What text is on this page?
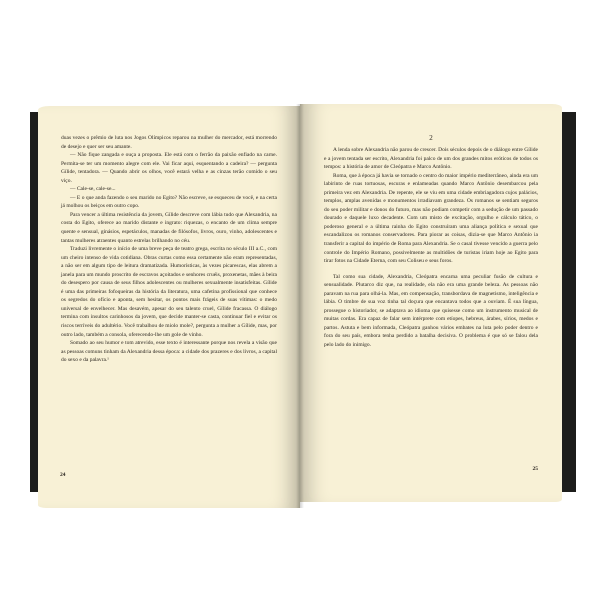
duas vezes o prêmio de luta nos Jogos Olímpicos reparou na mulher do mercador, está morrendo de desejo e quer ser seu amante.

— Não fique zangada e ouça a proposta. Ele está com o ferrão da paixão enfiado na carne. Permita-se ter um momento alegre com ele. Vai ficar aqui, esquentando a cadeira? — pergunta Gílide, tentadora. — Quando abrir os olhos, você estará velha e as cinzas terão comido o seu viço.

— Cale-se, cale-se...

— E o que anda fazendo o seu marido no Egito? Não escreve, se esqueceu de você, e na certa já molhou os beiços em outro copo.

Para vencer a última resistência da jovem, Gílide descreve com lábia tudo que Alexandria, na costa do Egito, oferece ao marido distante e ingrato: riquezas, o encanto de um clima sempre quente e sensual, ginásios, espetáculos, manadas de filósofos, livros, ouro, vinho, adolescentes e tantas mulheres atraentes quanto estrelas brilhando no céu.

Traduzi livremente o início de uma breve peça de teatro grega, escrita no século III a.C., com um cheiro intenso de vida cotidiana. Obras curtas como essa certamente não eram representadas, a não ser em algum tipo de leitura dramatizada. Humorísticas, às vezes picarescas, elas abrem a janela para um mundo proscrito de escravos açoitados e senhores cruéis, proxenetas, mães à beira do desespero por causa de seus filhos adolescentes ou mulheres sexualmente insatisfeitas. Gílide é uma das primeiras fofoqueiras da história da literatura, uma cafetina profissional que conhece os segredos do ofício e aponta, sem hesitar, os pontos mais frágeis de suas vítimas: o medo universal de envelhecer. Mas desavém, apesar do seu talento cruel, Gílide fracassa. O diálogo termina com insultos carinhosos da jovem, que decide manter-se casta, continuar fiel e evitar os riscos terríveis do adultério. Você trabalhou de miolo mole?, pergunta a mulher a Gílide, mas, por outro lado, também a consola, oferecendo-lhe um gole de vinho.

Somado ao seu humor e tom atrevido, esse texto é interessante porque nos revela a visão que as pessoas comuns tinham da Alexandria dessa época: a cidade dos prazeres e dos livros, a capital do sexo e da palavra.¹

24
2

A lenda sobre Alexandria não parou de crescer. Dois séculos depois de o diálogo entre Gílide e a jovem tentada ser escrito, Alexandria foi palco de um dos grandes mitos eróticos de todos os tempos: a história de amor de Cleópatra e Marco Antônio.

Roma, que à época já havia se tornado o centro do maior império mediterrâneo, ainda era um labirinto de ruas tortuosas, escuras e enlameadas quando Marco Antônio desembarcou pela primeira vez em Alexandria. De repente, ele se viu em uma cidade embriagadora cujos palácios, templos, amplas avenidas e monumentos irradiavam grandeza. Os romanos se sentiam seguros do seu poder militar e donos do futuro, mas não podiam competir com a sedução de um passado dourado e daquele luxo decadente. Com um misto de excitação, orgulho e cálculo tático, o poderoso general e a última rainha do Egito construíram uma aliança política e sexual que escandalizou os romanos conservadores. Para piorar as coisas, dizia-se que Marco Antônio ia transferir a capital do império de Roma para Alexandria. Se o casal tivesse vencido a guerra pelo controle do Império Romano, possivelmente as multidões de turistas iriam hoje ao Egito para tirar fotos na Cidade Eterna, com seu Coliseu e seus foros.

Tal como sua cidade, Alexandria, Cleópatra encarna uma peculiar fusão de cultura e sensualidade. Plutarco diz que, na realidade, ela não era uma grande beleza. As pessoas não paravam na rua para olhá-la. Mas, em compensação, transbordava de magnetismo, inteligência e lábia. O timbre de sua voz tinha tal doçura que encantava todos que a ouviam. É sua língua, prossegue o historiador, se adaptava ao idioma que quisesse como um instrumento musical de muitas cordas. Era capaz de falar sem intérprete com etíopes, hebreus, árabes, sírios, medos e partos. Astuta e bem informada, Cleópatra ganhou vários embates na luta pelo poder dentro e fora do seu país, embora tenha perdido a batalha decisiva. O problema é que só se falou dela pelo lado do inimigo.

25
